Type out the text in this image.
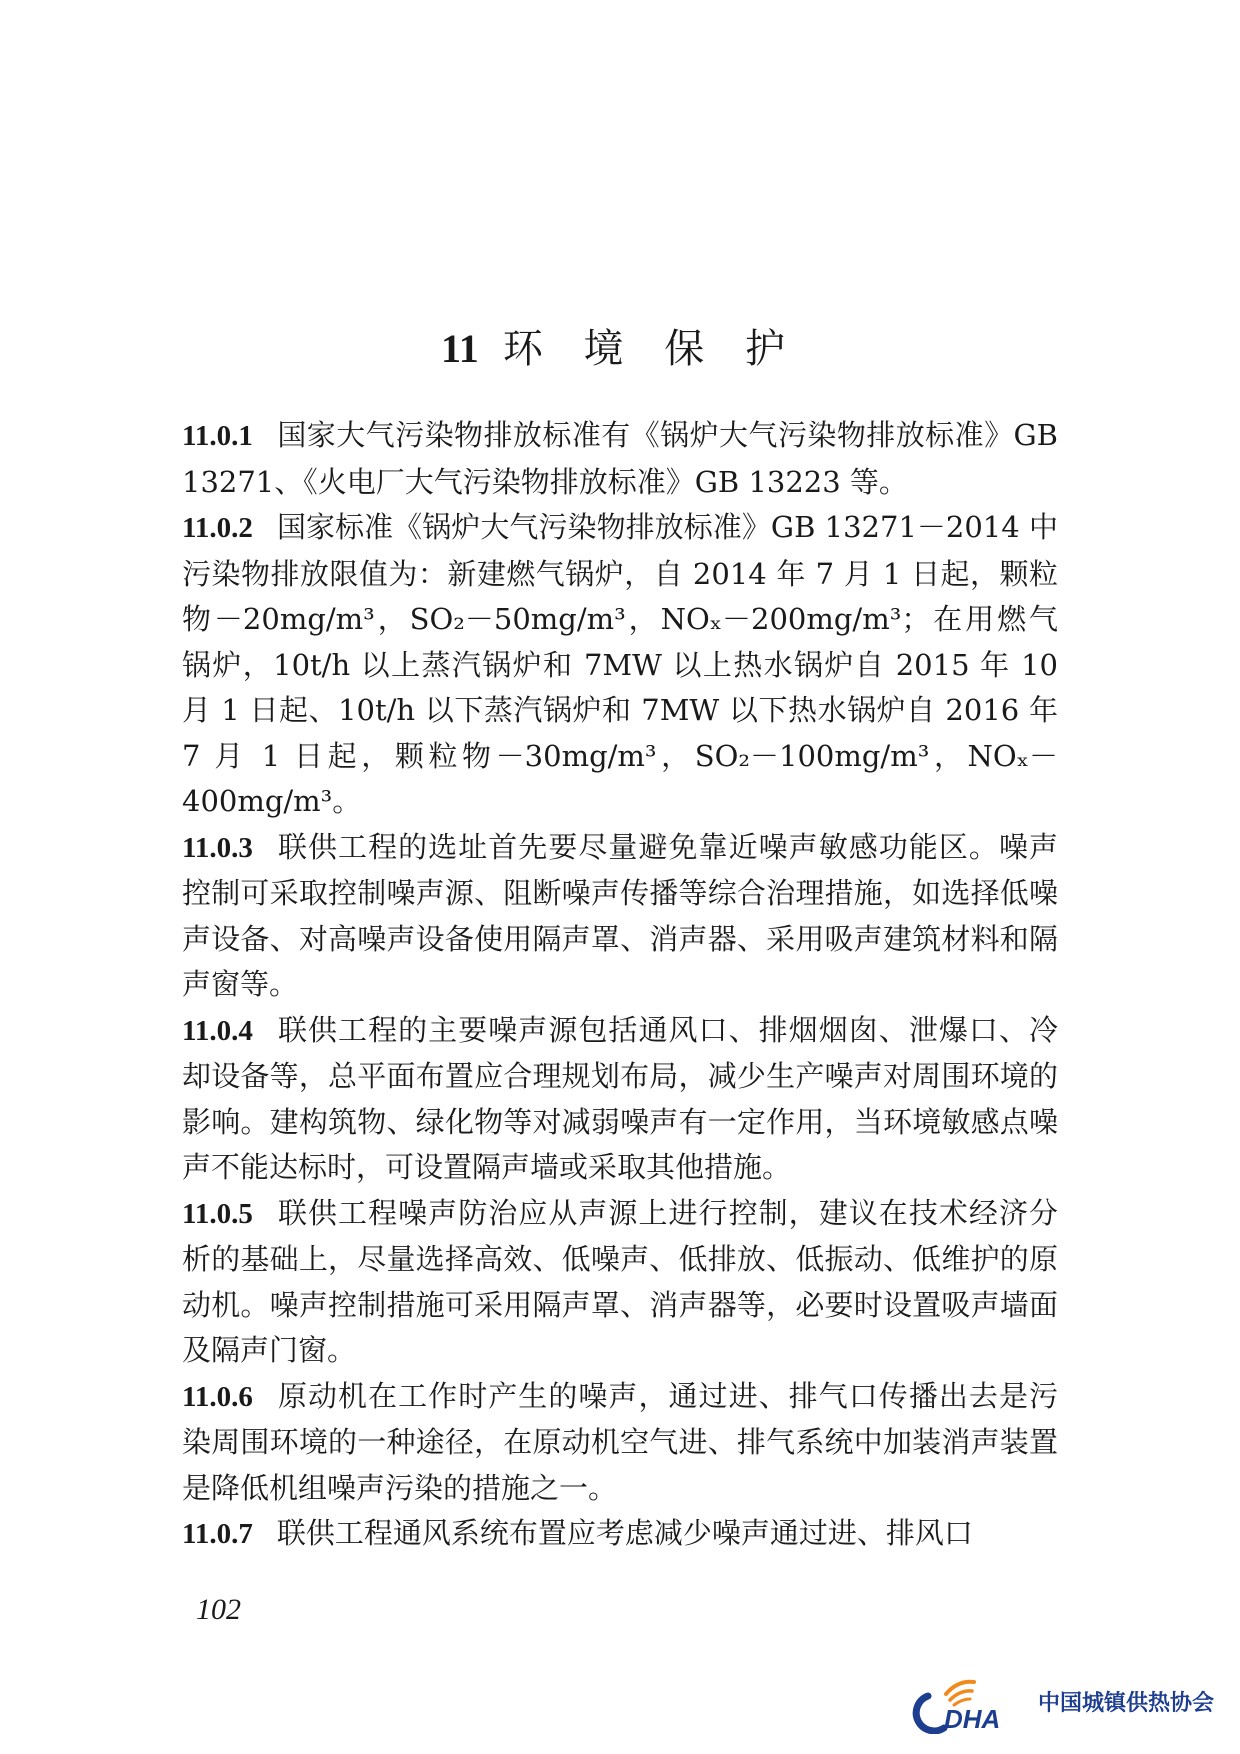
11 环 境 保 护

11.0.1 国家大气污染物排放标准有《锅炉大气污染物排放标准》GB 13271、《火电厂大气污染物排放标准》GB 13223 等。

11.0.2 国家标准《锅炉大气污染物排放标准》GB 13271－2014 中污染物排放限值为：新建燃气锅炉，自 2014 年 7 月 1 日起，颗粒物－20mg/m³，SO₂－50mg/m³，NOₓ－200mg/m³；在用燃气锅炉，10t/h 以上蒸汽锅炉和 7MW 以上热水锅炉自 2015 年 10 月 1 日起、10t/h 以下蒸汽锅炉和 7MW 以下热水锅炉自 2016 年 7 月 1 日起，颗粒物－30mg/m³，SO₂－100mg/m³，NOₓ－400mg/m³。

11.0.3 联供工程的选址首先要尽量避免靠近噪声敏感功能区。噪声控制可采取控制噪声源、阻断噪声传播等综合治理措施，如选择低噪声设备、对高噪声设备使用隔声罩、消声器、采用吸声建筑材料和隔声窗等。

11.0.4 联供工程的主要噪声源包括通风口、排烟烟囱、泄爆口、冷却设备等，总平面布置应合理规划布局，减少生产噪声对周围环境的影响。建构筑物、绿化物等对减弱噪声有一定作用，当环境敏感点噪声不能达标时，可设置隔声墙或采取其他措施。

11.0.5 联供工程噪声防治应从声源上进行控制，建议在技术经济分析的基础上，尽量选择高效、低噪声、低排放、低振动、低维护的原动机。噪声控制措施可采用隔声罩、消声器等，必要时设置吸声墙面及隔声门窗。

11.0.6 原动机在工作时产生的噪声，通过进、排气口传播出去是污染周围环境的一种途径，在原动机空气进、排气系统中加装消声装置是降低机组噪声污染的措施之一。

11.0.7 联供工程通风系统布置应考虑减少噪声通过进、排风口

102
DHA
中国城镇供热协会
